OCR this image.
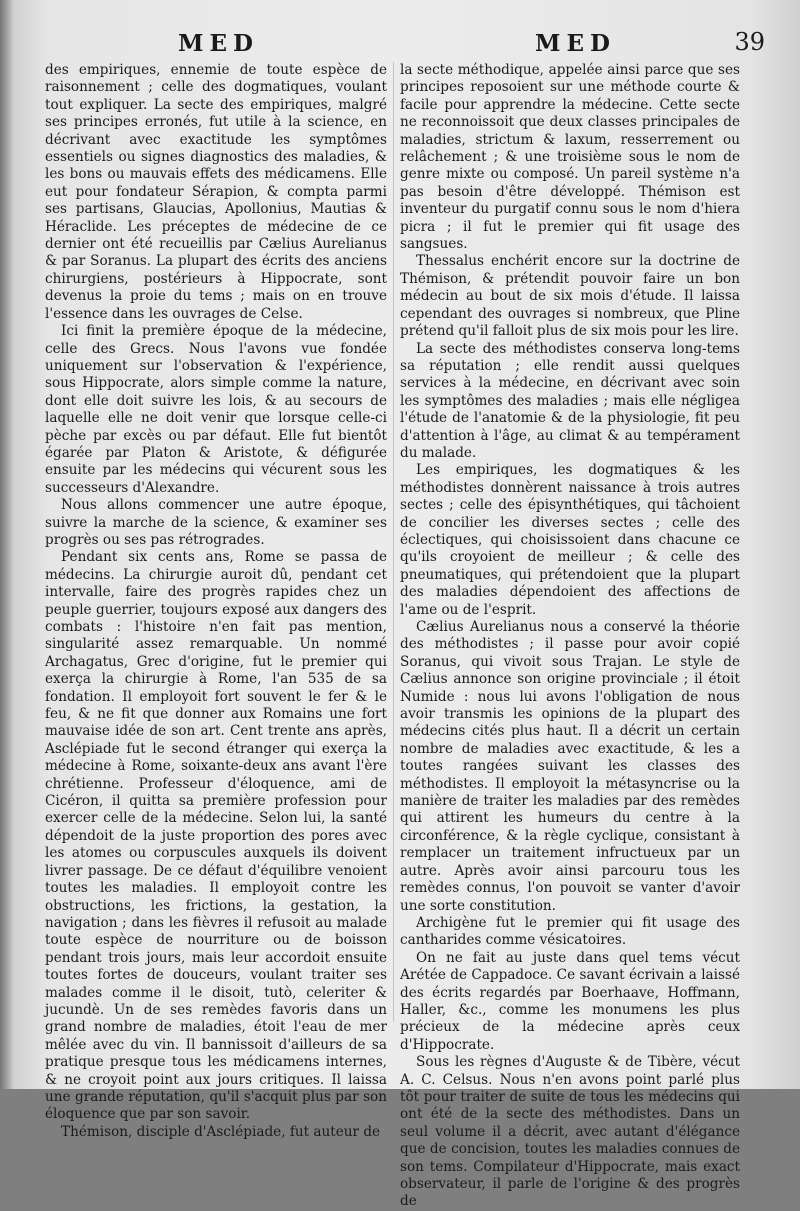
MED	MED	39

des empiriques, ennemie de toute espèce de raisonnement ; celle des dogmatiques, voulant tout expliquer. La secte des empiriques, malgré ses principes erronés, fut utile à la science, en décrivant avec exactitude les symptômes essentiels ou signes diagnostics des maladies, & les bons ou mauvais effets des médicamens. Elle eut pour fondateur Sérapion, & compta parmi ses partisans, Glaucias, Apollonius, Mautias & Héraclide. Les préceptes de médecine de ce dernier ont été recueillis par Cælius Aurelianus & par Soranus. La plupart des écrits des anciens chirurgiens, postérieurs à Hippocrate, sont devenus la proie du tems ; mais on en trouve l'essence dans les ouvrages de Celse.

Ici finit la première époque de la médecine, celle des Grecs. Nous l'avons vue fondée uniquement sur l'observation & l'expérience, sous Hippocrate, alors simple comme la nature, dont elle doit suivre les lois, & au secours de laquelle elle ne doit venir que lorsque celle-ci pèche par excès ou par défaut. Elle fut bientôt égarée par Platon & Aristote, & défigurée ensuite par les médecins qui vécurent sous les successeurs d'Alexandre.

Nous allons commencer une autre époque, suivre la marche de la science, & examiner ses progrès ou ses pas rétrogrades.

Pendant six cents ans, Rome se passa de médecins. La chirurgie auroit dû, pendant cet intervalle, faire des progrès rapides chez un peuple guerrier, toujours exposé aux dangers des combats : l'histoire n'en fait pas mention, singularité assez remarquable. Un nommé Archagatus, Grec d'origine, fut le premier qui exerça la chirurgie à Rome, l'an 535 de sa fondation. Il employoit fort souvent le fer & le feu, & ne fit que donner aux Romains une fort mauvaise idée de son art. Cent trente ans après, Asclépiade fut le second étranger qui exerça la médecine à Rome, soixante-deux ans avant l'ère chrétienne. Professeur d'éloquence, ami de Cicéron, il quitta sa première profession pour exercer celle de la médecine. Selon lui, la santé dépendoit de la juste proportion des pores avec les atomes ou corpuscules auxquels ils doivent livrer passage. De ce défaut d'équilibre venoient toutes les maladies. Il employoit contre les obstructions, les frictions, la gestation, la navigation ; dans les fièvres il refusoit au malade toute espèce de nourriture ou de boisson pendant trois jours, mais leur accordoit ensuite toutes fortes de douceurs, voulant traiter ses malades comme il le disoit, tutò, celeriter & jucundè. Un de ses remèdes favoris dans un grand nombre de maladies, étoit l'eau de mer mêlée avec du vin. Il bannissoit d'ailleurs de sa pratique presque tous les médicamens internes, & ne croyoit point aux jours critiques. Il laissa une grande réputation, qu'il s'acquit plus par son éloquence que par son savoir.

Thémison, disciple d'Asclépiade, fut auteur de

la secte méthodique, appelée ainsi parce que ses principes reposoient sur une méthode courte & facile pour apprendre la médecine. Cette secte ne reconnoissoit que deux classes principales de maladies, strictum & laxum, resserrement ou relâchement ; & une troisième sous le nom de genre mixte ou composé. Un pareil système n'a pas besoin d'être développé. Thémison est inventeur du purgatif connu sous le nom d'hiera picra ; il fut le premier qui fit usage des sangsues.

Thessalus enchérit encore sur la doctrine de Thémison, & prétendit pouvoir faire un bon médecin au bout de six mois d'étude. Il laissa cependant des ouvrages si nombreux, que Pline prétend qu'il falloit plus de six mois pour les lire.

La secte des méthodistes conserva long-tems sa réputation ; elle rendit aussi quelques services à la médecine, en décrivant avec soin les symptômes des maladies ; mais elle négligea l'étude de l'anatomie & de la physiologie, fit peu d'attention à l'âge, au climat & au tempérament du malade.

Les empiriques, les dogmatiques & les méthodistes donnèrent naissance à trois autres sectes ; celle des épisynthétiques, qui tâchoient de concilier les diverses sectes ; celle des éclectiques, qui choisissoient dans chacune ce qu'ils croyoient de meilleur ; & celle des pneumatiques, qui prétendoient que la plupart des maladies dépendoient des affections de l'ame ou de l'esprit.

Cælius Aurelianus nous a conservé la théorie des méthodistes ; il passe pour avoir copié Soranus, qui vivoit sous Trajan. Le style de Cælius annonce son origine provinciale ; il étoit Numide : nous lui avons l'obligation de nous avoir transmis les opinions de la plupart des médecins cités plus haut. Il a décrit un certain nombre de maladies avec exactitude, & les a toutes rangées suivant les classes des méthodistes. Il employoit la métasyncrise ou la manière de traiter les maladies par des remèdes qui attirent les humeurs du centre à la circonférence, & la règle cyclique, consistant à remplacer un traitement infructueux par un autre. Après avoir ainsi parcouru tous les remèdes connus, l'on pouvoit se vanter d'avoir une sorte constitution.

Archigène fut le premier qui fit usage des cantharides comme vésicatoires.

On ne fait au juste dans quel tems vécut Arétée de Cappadoce. Ce savant écrivain a laissé des écrits regardés par Boerhaave, Hoffmann, Haller, &c., comme les monumens les plus précieux de la médecine après ceux d'Hippocrate.

Sous les règnes d'Auguste & de Tibère, vécut A. C. Celsus. Nous n'en avons point parlé plus tôt pour traiter de suite de tous les médecins qui ont été de la secte des méthodistes. Dans un seul volume il a décrit, avec autant d'élégance que de concision, toutes les maladies connues de son tems. Compilateur d'Hippocrate, mais exact observateur, il parle de l'origine & des progrès de
